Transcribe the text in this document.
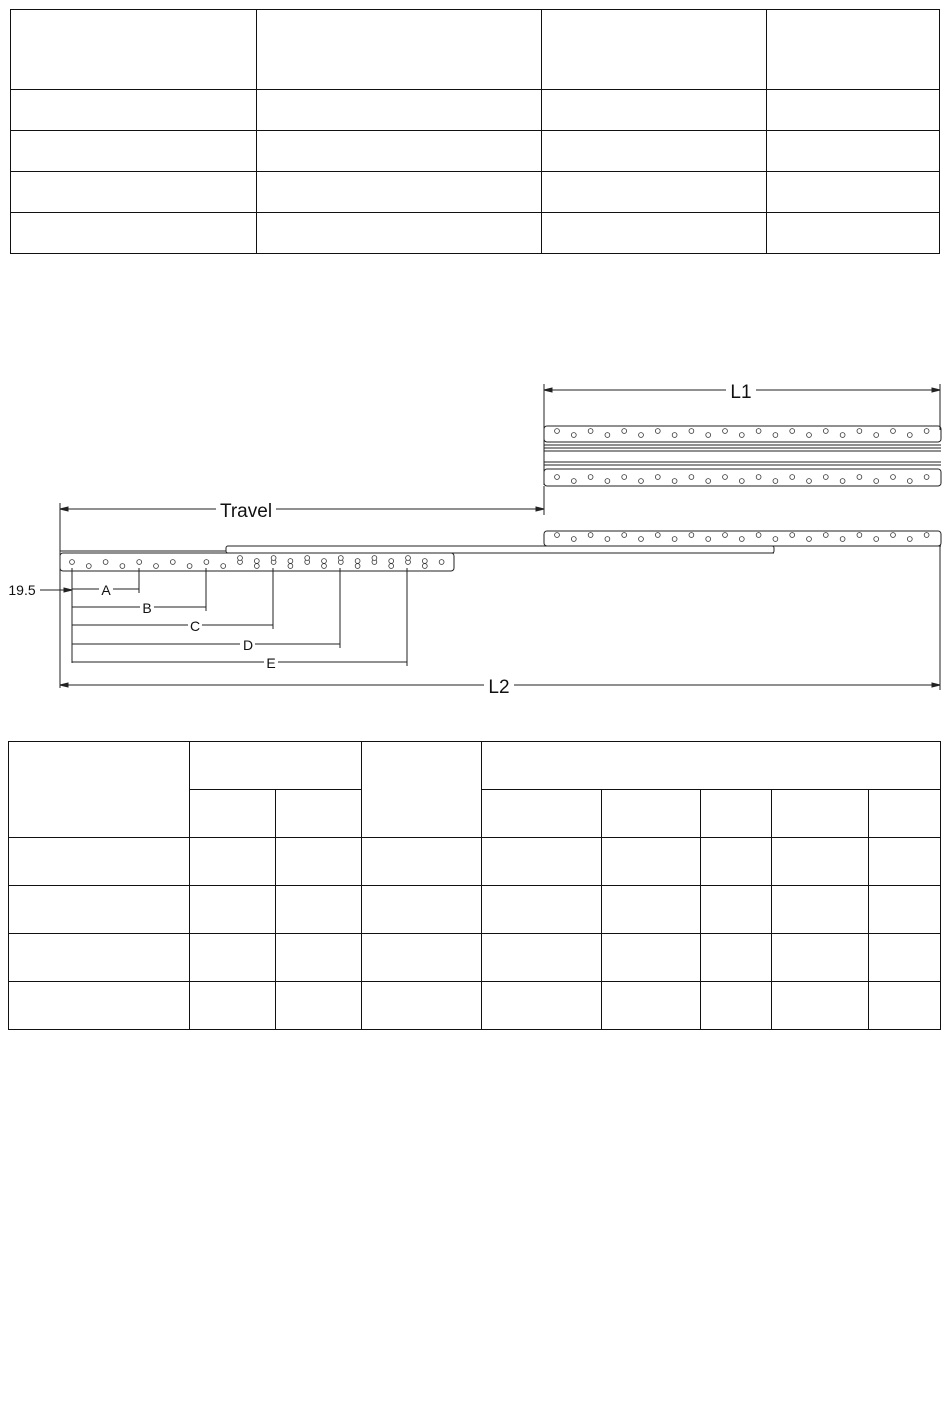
L1
Travel
19.5	A
B
C
D
E
L2
